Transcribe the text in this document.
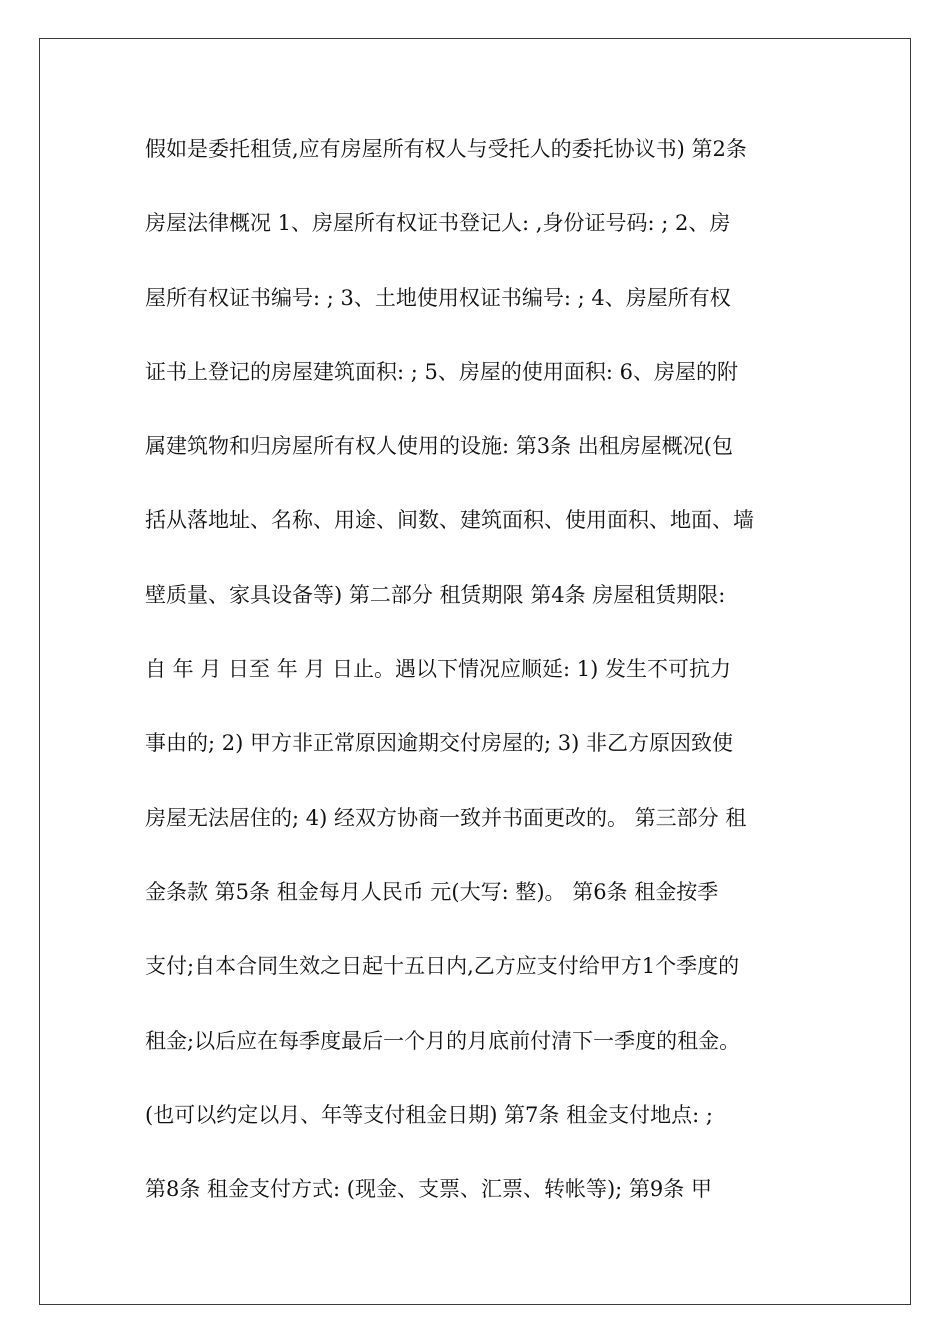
假如是委托租赁,应有房屋所有权人与受托人的委托协议书) 第2条
房屋法律概况 1、房屋所有权证书登记人: ,身份证号码: ; 2、房
屋所有权证书编号: ; 3、土地使用权证书编号: ; 4、房屋所有权
证书上登记的房屋建筑面积: ; 5、房屋的使用面积: 6、房屋的附
属建筑物和归房屋所有权人使用的设施: 第3条 出租房屋概况(包
括从落地址、名称、用途、间数、建筑面积、使用面积、地面、墙
壁质量、家具设备等) 第二部分 租赁期限 第4条 房屋租赁期限:
自 年 月 日至 年 月 日止。遇以下情况应顺延: 1) 发生不可抗力
事由的; 2) 甲方非正常原因逾期交付房屋的; 3) 非乙方原因致使
房屋无法居住的; 4) 经双方协商一致并书面更改的。 第三部分 租
金条款 第5条 租金每月人民币 元(大写: 整)。 第6条 租金按季
支付;自本合同生效之日起十五日内,乙方应支付给甲方1个季度的
租金;以后应在每季度最后一个月的月底前付清下一季度的租金。
(也可以约定以月、年等支付租金日期) 第7条 租金支付地点: ;
第8条 租金支付方式: (现金、支票、汇票、转帐等); 第9条 甲
